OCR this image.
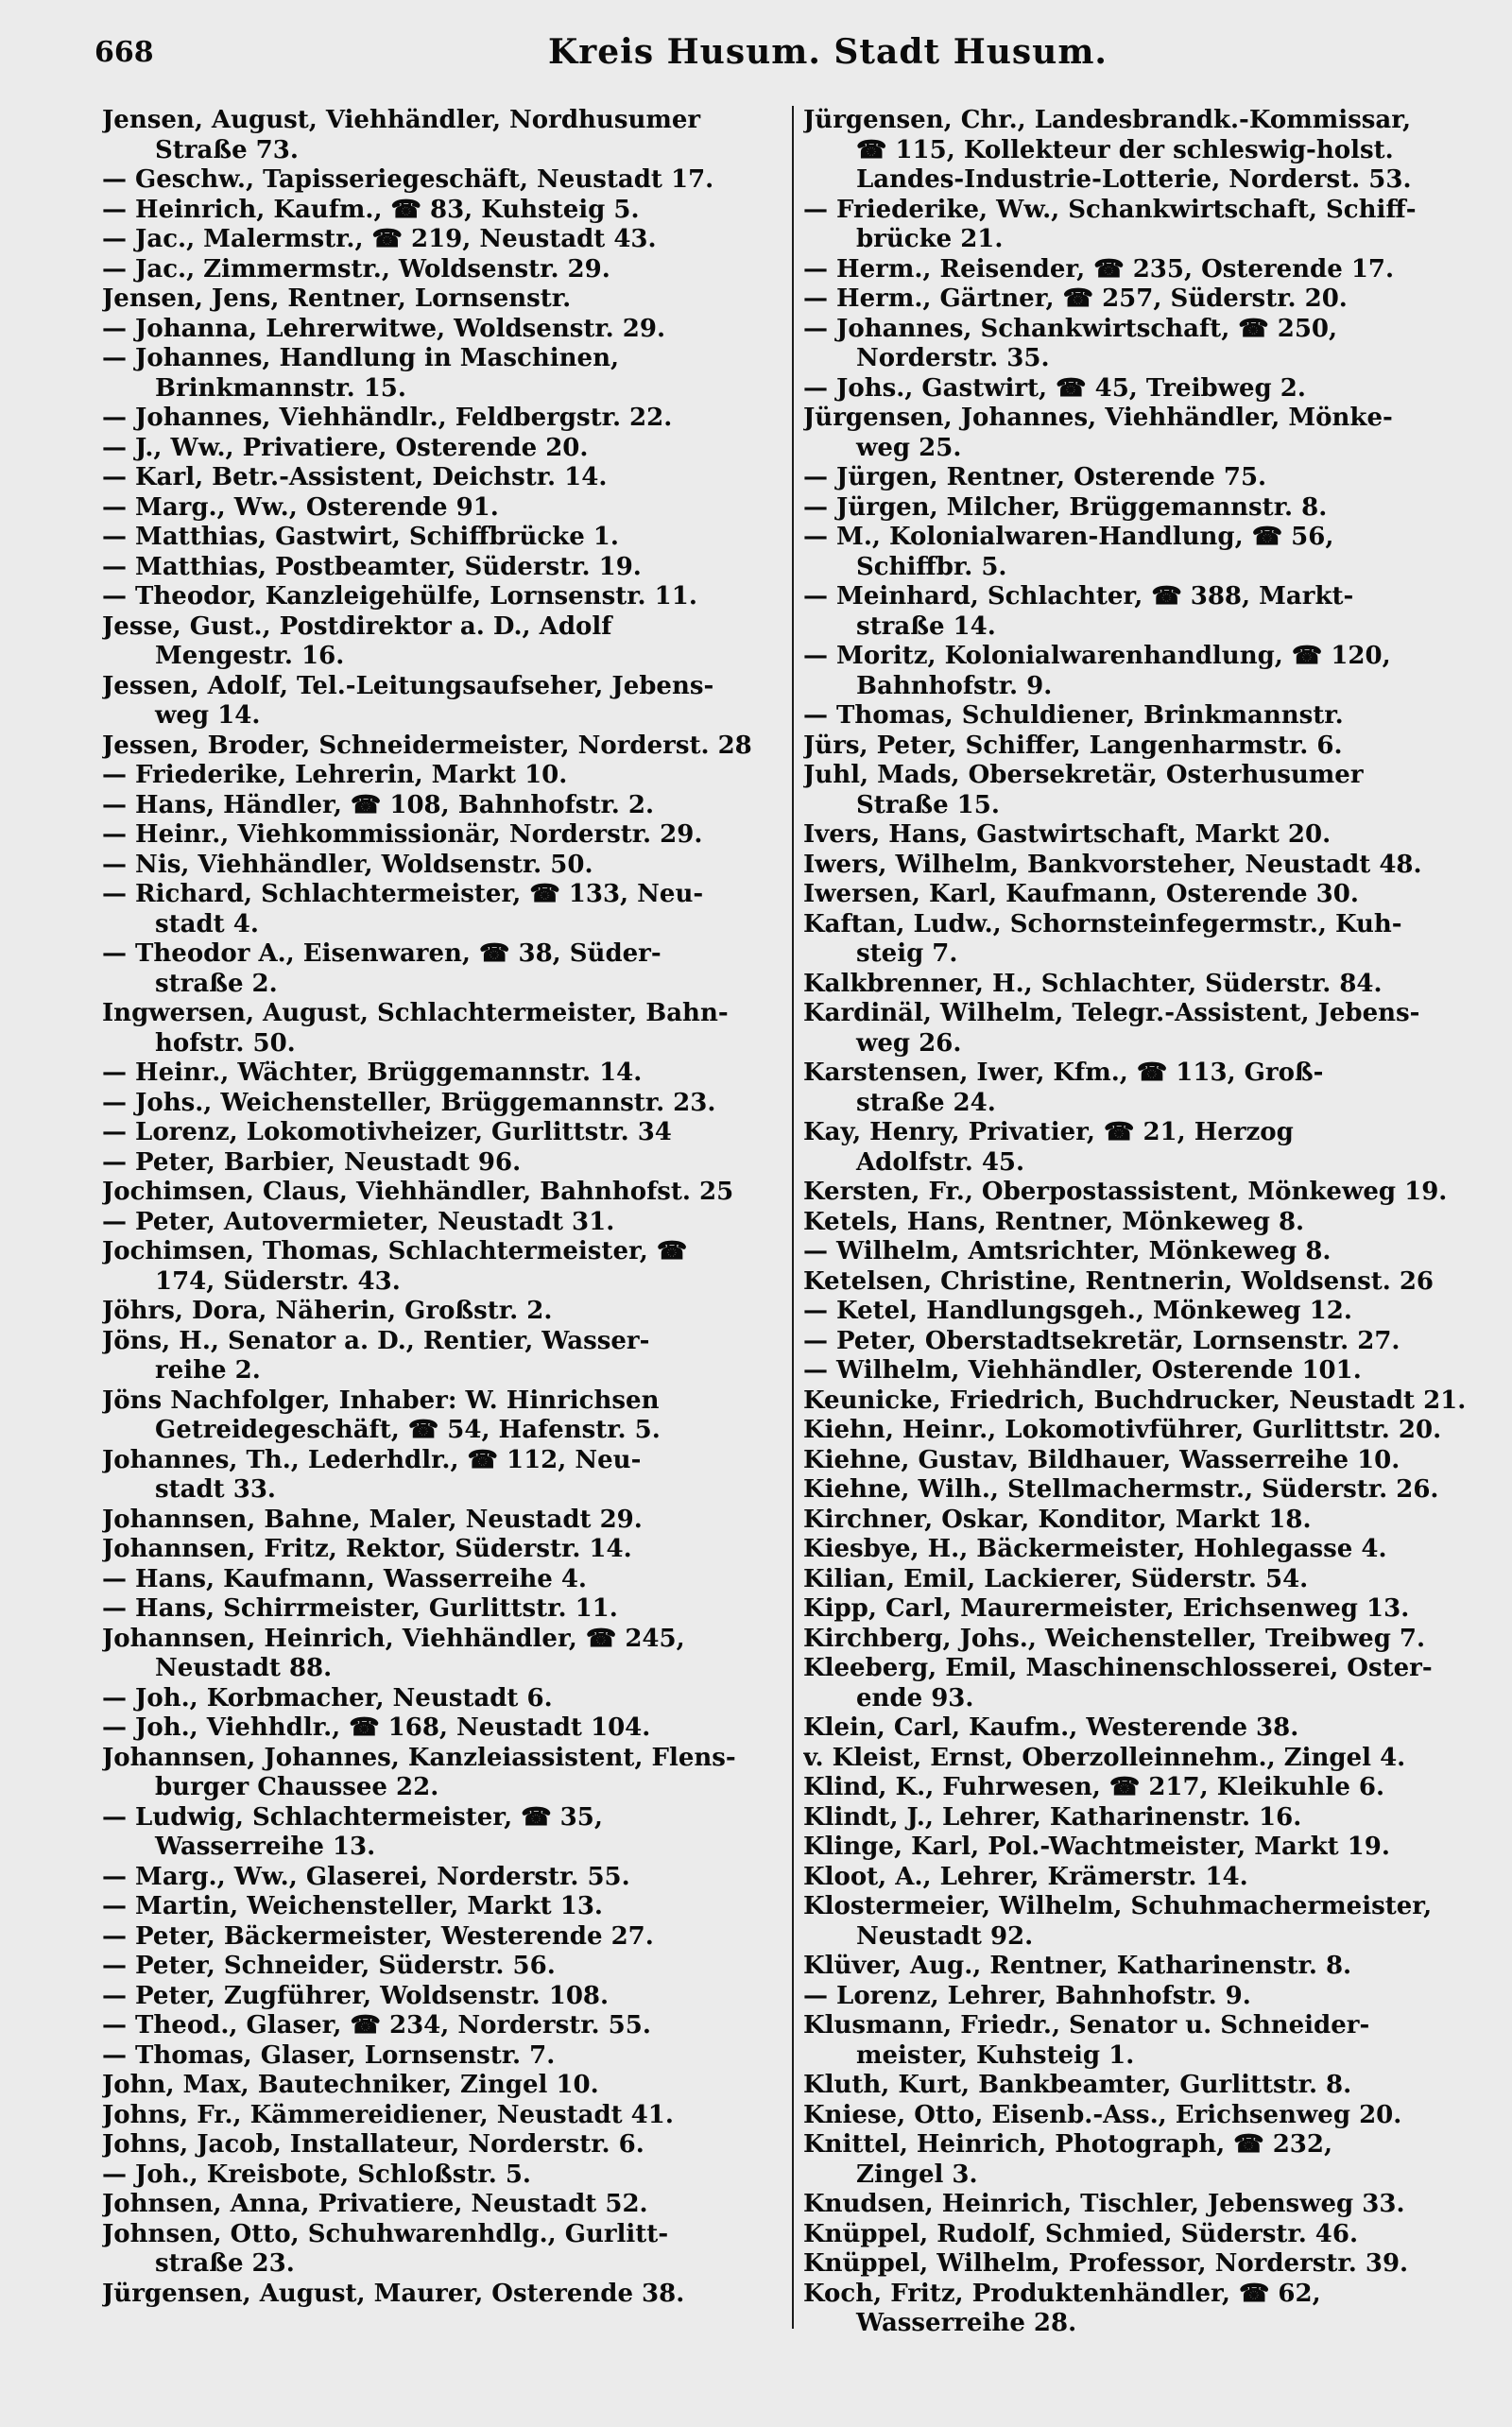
668	Kreis Husum. Stadt Husum.
Jensen, August, Viehhändler, Nordhusumer
Straße 73.
— Geschw., Tapisseriegeschäft, Neustadt 17.
— Heinrich, Kaufm., ☎ 83, Kuhsteig 5.
— Jac., Malermstr., ☎ 219, Neustadt 43.
— Jac., Zimmermstr., Woldsenstr. 29.
Jensen, Jens, Rentner, Lornsenstr.
— Johanna, Lehrerwitwe, Woldsenstr. 29.
— Johannes, Handlung in Maschinen,
Brinkmannstr. 15.
— Johannes, Viehhändlr., Feldbergstr. 22.
— J., Ww., Privatiere, Osterende 20.
— Karl, Betr.-Assistent, Deichstr. 14.
— Marg., Ww., Osterende 91.
— Matthias, Gastwirt, Schiffbrücke 1.
— Matthias, Postbeamter, Süderstr. 19.
— Theodor, Kanzleigehülfe, Lornsenstr. 11.
Jesse, Gust., Postdirektor a. D., Adolf
Mengestr. 16.
Jessen, Adolf, Tel.-Leitungsaufseher, Jebens-
weg 14.
Jessen, Broder, Schneidermeister, Norderst. 28
— Friederike, Lehrerin, Markt 10.
— Hans, Händler, ☎ 108, Bahnhofstr. 2.
— Heinr., Viehkommissionär, Norderstr. 29.
— Nis, Viehhändler, Woldsenstr. 50.
— Richard, Schlachtermeister, ☎ 133, Neu-
stadt 4.
— Theodor A., Eisenwaren, ☎ 38, Süder-
straße 2.
Ingwersen, August, Schlachtermeister, Bahn-
hofstr. 50.
— Heinr., Wächter, Brüggemannstr. 14.
— Johs., Weichensteller, Brüggemannstr. 23.
— Lorenz, Lokomotivheizer, Gurlittstr. 34
— Peter, Barbier, Neustadt 96.
Jochimsen, Claus, Viehhändler, Bahnhofst. 25
— Peter, Autovermieter, Neustadt 31.
Jochimsen, Thomas, Schlachtermeister, ☎
174, Süderstr. 43.
Jöhrs, Dora, Näherin, Großstr. 2.
Jöns, H., Senator a. D., Rentier, Wasser-
reihe 2.
Jöns Nachfolger, Inhaber: W. Hinrichsen
Getreidegeschäft, ☎ 54, Hafenstr. 5.
Johannes, Th., Lederhdlr., ☎ 112, Neu-
stadt 33.
Johannsen, Bahne, Maler, Neustadt 29.
Johannsen, Fritz, Rektor, Süderstr. 14.
— Hans, Kaufmann, Wasserreihe 4.
— Hans, Schirrmeister, Gurlittstr. 11.
Johannsen, Heinrich, Viehhändler, ☎ 245,
Neustadt 88.
— Joh., Korbmacher, Neustadt 6.
— Joh., Viehhdlr., ☎ 168, Neustadt 104.
Johannsen, Johannes, Kanzleiassistent, Flens-
burger Chaussee 22.
— Ludwig, Schlachtermeister, ☎ 35,
Wasserreihe 13.
— Marg., Ww., Glaserei, Norderstr. 55.
— Martin, Weichensteller, Markt 13.
— Peter, Bäckermeister, Westerende 27.
— Peter, Schneider, Süderstr. 56.
— Peter, Zugführer, Woldsenstr. 108.
— Theod., Glaser, ☎ 234, Norderstr. 55.
— Thomas, Glaser, Lornsenstr. 7.
John, Max, Bautechniker, Zingel 10.
Johns, Fr., Kämmereidiener, Neustadt 41.
Johns, Jacob, Installateur, Norderstr. 6.
— Joh., Kreisbote, Schloßstr. 5.
Johnsen, Anna, Privatiere, Neustadt 52.
Johnsen, Otto, Schuhwarenhdlg., Gurlitt-
straße 23.
Jürgensen, August, Maurer, Osterende 38.
Jürgensen, Chr., Landesbrandk.-Kommissar,
☎ 115, Kollekteur der schleswig-holst.
Landes-Industrie-Lotterie, Norderst. 53.
— Friederike, Ww., Schankwirtschaft, Schiff-
brücke 21.
— Herm., Reisender, ☎ 235, Osterende 17.
— Herm., Gärtner, ☎ 257, Süderstr. 20.
— Johannes, Schankwirtschaft, ☎ 250,
Norderstr. 35.
— Johs., Gastwirt, ☎ 45, Treibweg 2.
Jürgensen, Johannes, Viehhändler, Mönke-
weg 25.
— Jürgen, Rentner, Osterende 75.
— Jürgen, Milcher, Brüggemannstr. 8.
— M., Kolonialwaren-Handlung, ☎ 56,
Schiffbr. 5.
— Meinhard, Schlachter, ☎ 388, Markt-
straße 14.
— Moritz, Kolonialwarenhandlung, ☎ 120,
Bahnhofstr. 9.
— Thomas, Schuldiener, Brinkmannstr.
Jürs, Peter, Schiffer, Langenharmstr. 6.
Juhl, Mads, Obersekretär, Osterhusumer
Straße 15.
Ivers, Hans, Gastwirtschaft, Markt 20.
Iwers, Wilhelm, Bankvorsteher, Neustadt 48.
Iwersen, Karl, Kaufmann, Osterende 30.
Kaftan, Ludw., Schornsteinfegermstr., Kuh-
steig 7.
Kalkbrenner, H., Schlachter, Süderstr. 84.
Kardinäl, Wilhelm, Telegr.-Assistent, Jebens-
weg 26.
Karstensen, Iwer, Kfm., ☎ 113, Groß-
straße 24.
Kay, Henry, Privatier, ☎ 21, Herzog
Adolfstr. 45.
Kersten, Fr., Oberpostassistent, Mönkeweg 19.
Ketels, Hans, Rentner, Mönkeweg 8.
— Wilhelm, Amtsrichter, Mönkeweg 8.
Ketelsen, Christine, Rentnerin, Woldsenst. 26
— Ketel, Handlungsgeh., Mönkeweg 12.
— Peter, Oberstadtsekretär, Lornsenstr. 27.
— Wilhelm, Viehhändler, Osterende 101.
Keunicke, Friedrich, Buchdrucker, Neustadt 21.
Kiehn, Heinr., Lokomotivführer, Gurlittstr. 20.
Kiehne, Gustav, Bildhauer, Wasserreihe 10.
Kiehne, Wilh., Stellmachermstr., Süderstr. 26.
Kirchner, Oskar, Konditor, Markt 18.
Kiesbye, H., Bäckermeister, Hohlegasse 4.
Kilian, Emil, Lackierer, Süderstr. 54.
Kipp, Carl, Maurermeister, Erichsenweg 13.
Kirchberg, Johs., Weichensteller, Treibweg 7.
Kleeberg, Emil, Maschinenschlosserei, Oster-
ende 93.
Klein, Carl, Kaufm., Westerende 38.
v. Kleist, Ernst, Oberzolleinnehm., Zingel 4.
Klind, K., Fuhrwesen, ☎ 217, Kleikuhle 6.
Klindt, J., Lehrer, Katharinenstr. 16.
Klinge, Karl, Pol.-Wachtmeister, Markt 19.
Kloot, A., Lehrer, Krämerstr. 14.
Klostermeier, Wilhelm, Schuhmachermeister,
Neustadt 92.
Klüver, Aug., Rentner, Katharinenstr. 8.
— Lorenz, Lehrer, Bahnhofstr. 9.
Klusmann, Friedr., Senator u. Schneider-
meister, Kuhsteig 1.
Kluth, Kurt, Bankbeamter, Gurlittstr. 8.
Kniese, Otto, Eisenb.-Ass., Erichsenweg 20.
Knittel, Heinrich, Photograph, ☎ 232,
Zingel 3.
Knudsen, Heinrich, Tischler, Jebensweg 33.
Knüppel, Rudolf, Schmied, Süderstr. 46.
Knüppel, Wilhelm, Professor, Norderstr. 39.
Koch, Fritz, Produktenhändler, ☎ 62,
Wasserreihe 28.
